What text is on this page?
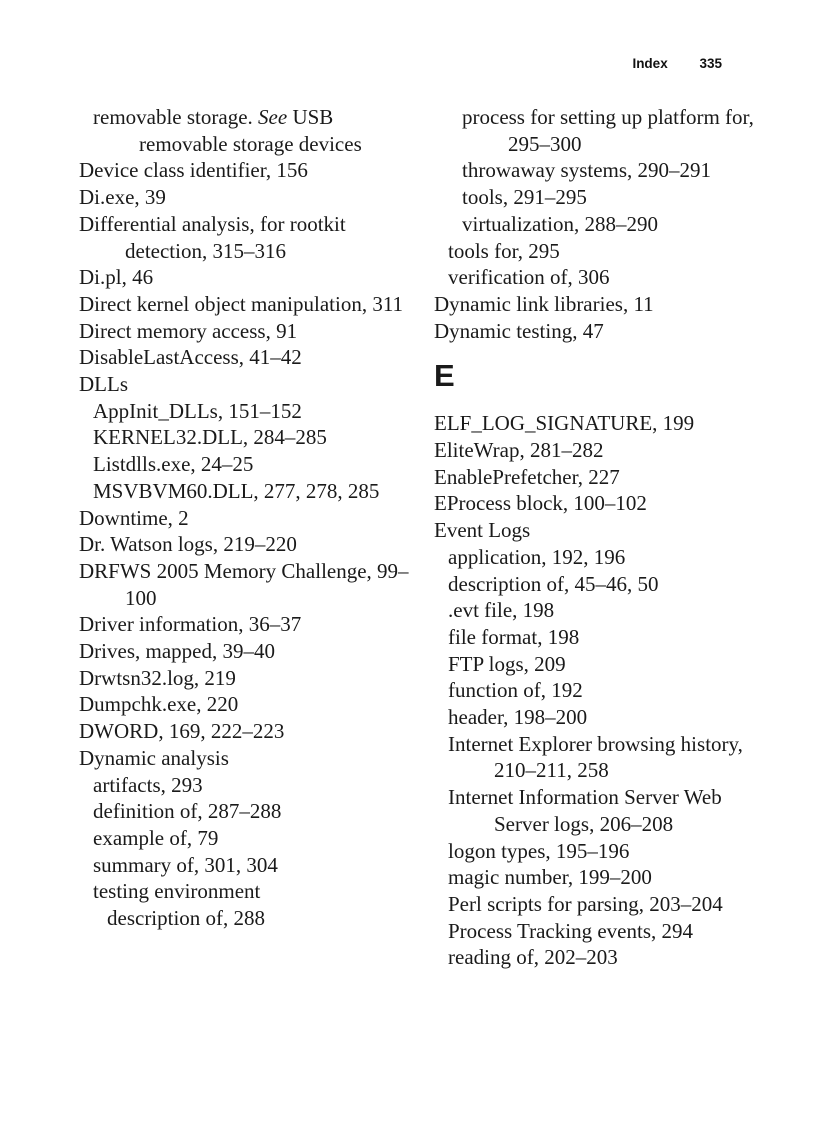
Index 335
removable storage. See USB removable storage devices
Device class identifier, 156
Di.exe, 39
Differential analysis, for rootkit detection, 315–316
Di.pl, 46
Direct kernel object manipulation, 311
Direct memory access, 91
DisableLastAccess, 41–42
DLLs
AppInit_DLLs, 151–152
KERNEL32.DLL, 284–285
Listdlls.exe, 24–25
MSVBVM60.DLL, 277, 278, 285
Downtime, 2
Dr. Watson logs, 219–220
DRFWS 2005 Memory Challenge, 99–100
Driver information, 36–37
Drives, mapped, 39–40
Drwtsn32.log, 219
Dumpchk.exe, 220
DWORD, 169, 222–223
Dynamic analysis
artifacts, 293
definition of, 287–288
example of, 79
summary of, 301, 304
testing environment
description of, 288
process for setting up platform for, 295–300
throwaway systems, 290–291
tools, 291–295
virtualization, 288–290
tools for, 295
verification of, 306
Dynamic link libraries, 11
Dynamic testing, 47
E
ELF_LOG_SIGNATURE, 199
EliteWrap, 281–282
EnablePrefetcher, 227
EProcess block, 100–102
Event Logs
application, 192, 196
description of, 45–46, 50
.evt file, 198
file format, 198
FTP logs, 209
function of, 192
header, 198–200
Internet Explorer browsing history, 210–211, 258
Internet Information Server Web Server logs, 206–208
logon types, 195–196
magic number, 199–200
Perl scripts for parsing, 203–204
Process Tracking events, 294
reading of, 202–203
